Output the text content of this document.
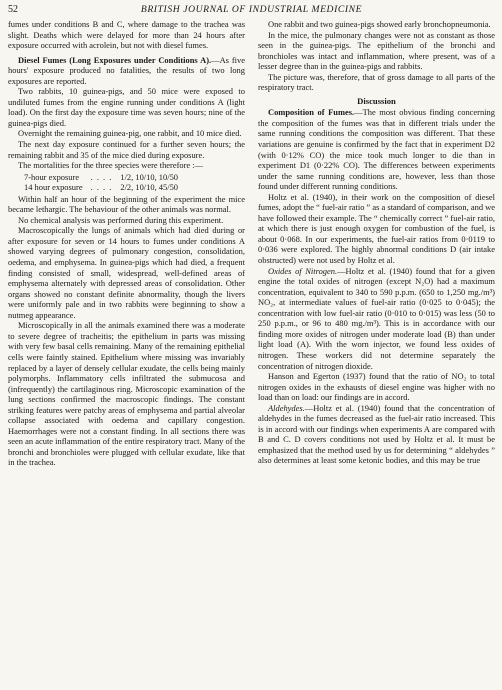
52	BRITISH JOURNAL OF INDUSTRIAL MEDICINE

fumes under conditions B and C, where damage to the trachea was slight. Deaths which were delayed for more than 24 hours after exposure occurred with acrolein, but not with diesel fumes.

Diesel Fumes (Long Exposures under Conditions A).—As five hours' exposure produced no fatalities, the results of two long exposures are reported.

Two rabbits, 10 guinea-pigs, and 50 mice were exposed to undiluted fumes from the engine running under conditions A (light load). On the first day the exposure time was seven hours; nine of the guinea-pigs died.

Overnight the remaining guinea-pig, one rabbit, and 10 mice died.

The next day exposure continued for a further seven hours; the remaining rabbit and 35 of the mice died during exposure.

The mortalities for the three species were therefore :—

7-hour exposure	. . . .	1/2, 10/10, 10/50
14 hour exposure	. . . .	2/2, 10/10, 45/50

Within half an hour of the beginning of the experiment the mice became lethargic. The behaviour of the other animals was normal.

No chemical analysis was performed during this experiment.

Macroscopically the lungs of animals which had died during or after exposure for seven or 14 hours to fumes under conditions A showed varying degrees of pulmonary congestion, consolidation, oedema, and emphysema. In guinea-pigs which had died, a frequent finding consisted of small, widespread, well-defined areas of emphysema alternately with depressed areas of consolidation. Other organs showed no constant definite abnormality, though the livers were uniformly pale and in two rabbits were beginning to show a nutmeg appearance.

Microscopically in all the animals examined there was a moderate to severe degree of tracheitis; the epithelium in parts was missing with very few basal cells remaining. Many of the remaining epithelial cells were faintly stained. Epithelium where missing was invariably replaced by a layer of densely cellular exudate, the cells being mainly polymorphs. Inflammatory cells infiltrated the submucosa and (infrequently) the cartilaginous ring. Microscopic examination of the lung sections confirmed the macroscopic findings. The constant striking features were patchy areas of emphysema and partial alveolar collapse associated with oedema and capillary congestion. Haemorrhages were not a constant finding. In all sections there was seen an acute inflammation of the entire respiratory tract. Many of the bronchi and bronchioles were plugged with cellular exudate, like that in the trachea.

One rabbit and two guinea-pigs showed early bronchopneumonia.

In the mice, the pulmonary changes were not as constant as those seen in the guinea-pigs. The epithelium of the bronchi and bronchioles was intact and inflammation, where present, was of a lesser degree than in the guinea-pigs and rabbits.

The picture was, therefore, that of gross damage to all parts of the respiratory tract.

Discussion

Composition of Fumes.—The most obvious finding concerning the composition of the fumes was that in different trials under the same running conditions the composition was different. That these variations are genuine is confirmed by the fact that in experiment D2 (with 0·12% CO) the mice took much longer to die than in experiment D1 (0·22% CO). The differences between experiments under the same running conditions are, however, less than those found under different running conditions.

Holtz et al. (1940), in their work on the composition of diesel fumes, adopt the “ fuel-air ratio ” as a standard of comparison, and we have followed their example. The “ chemically correct ” fuel-air ratio, at which there is just enough oxygen for combustion of the fuel, is about 0·068. In our experiments, the fuel-air ratios from 0·0119 to 0·036 were explored. The highly abnormal conditions D (air intake obstructed) were not used by Holtz et al.

Oxides of Nitrogen.—Holtz et al. (1940) found that for a given engine the total oxides of nitrogen (except N₂O) had a maximum concentration, equivalent to 340 to 590 p.p.m. (650 to 1,250 mg./m³) NO₂, at intermediate values of fuel-air ratio (0·025 to 0·045); the concentration with low fuel-air ratio (0·010 to 0·015) was less (50 to 250 p.p.m., or 96 to 480 mg./m³). This is in accordance with our finding more oxides of nitrogen under moderate load (B) than under light load (A). With the worn injector, we found less oxides of nitrogen. These workers did not determine separately the concentration of nitrogen dioxide.

Hanson and Egerton (1937) found that the ratio of NO₂ to total nitrogen oxides in the exhausts of diesel engine was higher with no load than on load: our findings are in accord.

Aldehydes.—Holtz et al. (1940) found that the concentration of aldehydes in the fumes decreased as the fuel-air ratio increased. This is in accord with our findings when experiments A are compared with B and C. D covers conditions not used by Holtz et al. It must be emphasized that the method used by us for determining “ aldehydes ” also determines at least some ketonic bodies, and this may be true
